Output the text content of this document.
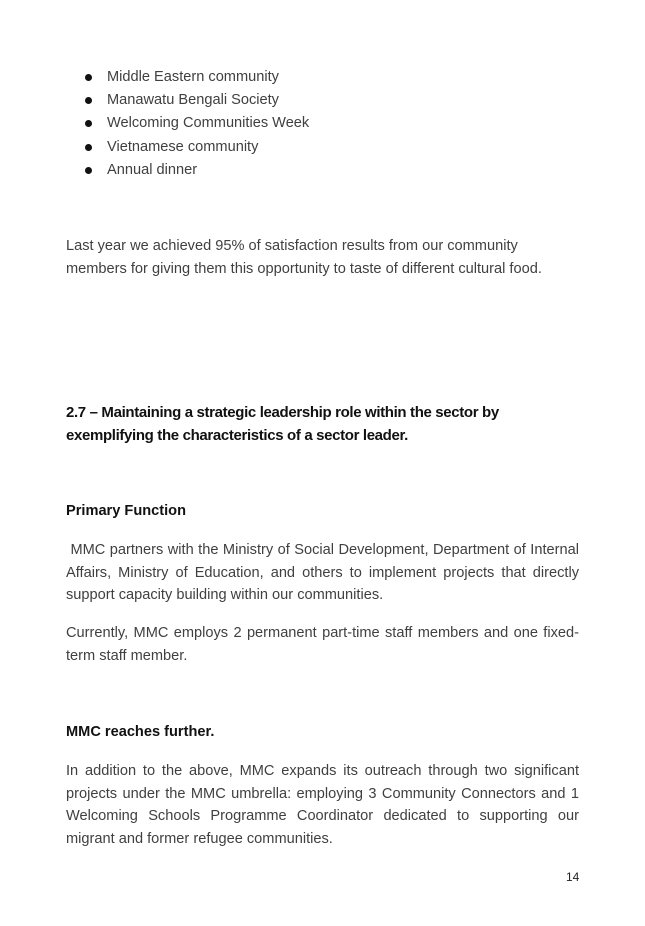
Middle Eastern community
Manawatu Bengali Society
Welcoming Communities Week
Vietnamese community
Annual dinner

Last year we achieved 95% of satisfaction results from our community members for giving them this opportunity to taste of different cultural food.

2.7 – Maintaining a strategic leadership role within the sector by exemplifying the characteristics of a sector leader.
Primary Function

MMC partners with the Ministry of Social Development, Department of Internal Affairs, Ministry of Education, and others to implement projects that directly support capacity building within our communities.

Currently, MMC employs 2 permanent part-time staff members and one fixed-term staff member.

MMC reaches further.

In addition to the above, MMC expands its outreach through two significant projects under the MMC umbrella: employing 3 Community Connectors and 1 Welcoming Schools Programme Coordinator dedicated to supporting our migrant and former refugee communities.

14
